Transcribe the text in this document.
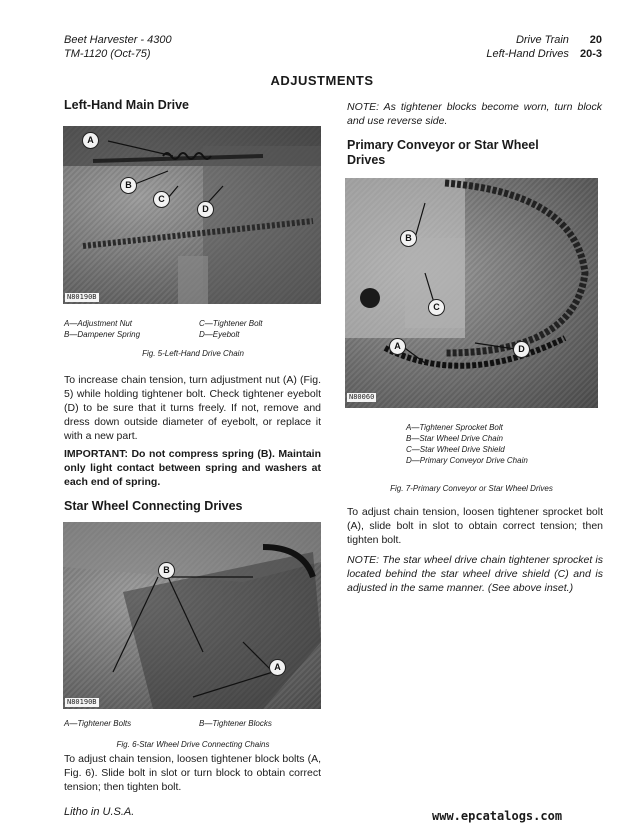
Beet Harvester - 4300
TM-1120 (Oct-75)
Drive Train 20
Left-Hand Drives 20-3
ADJUSTMENTS
Left-Hand Main Drive
A
B
C
D
N80190B
A—Adjustment Nut	C—Tightener Bolt
B—Dampener Spring	D—Eyebolt
Fig. 5-Left-Hand Drive Chain
To increase chain tension, turn adjustment nut (A) (Fig. 5) while holding tightener bolt. Check tightener eyebolt (D) to be sure that it turns freely. If not, remove and dress down outside diameter of eyebolt, or replace it with a new part.
IMPORTANT: Do not compress spring (B). Maintain only light contact between spring and washers at each end of spring.
Star Wheel Connecting Drives
B
A
N80190B
A—Tightener Bolts	B—Tightener Blocks
Fig. 6-Star Wheel Drive Connecting Chains
To adjust chain tension, loosen tightener block bolts (A, Fig. 6). Slide bolt in slot or turn block to obtain correct tension; then tighten bolt.
NOTE: As tightener blocks become worn, turn block and use reverse side.
Primary Conveyor or Star Wheel Drives
B
C
A	D
N80060
A—Tightener Sprocket Bolt
B—Star Wheel Drive Chain
C—Star Wheel Drive Shield
D—Primary Conveyor Drive Chain
Fig. 7-Primary Conveyor or Star Wheel Drives
To adjust chain tension, loosen tightener sprocket bolt (A), slide bolt in slot to obtain correct tension; then tighten bolt.
NOTE: The star wheel drive chain tightener sprocket is located behind the star wheel drive shield (C) and is adjusted in the same manner. (See above inset.)
Litho in U.S.A.	www.epcatalogs.com
